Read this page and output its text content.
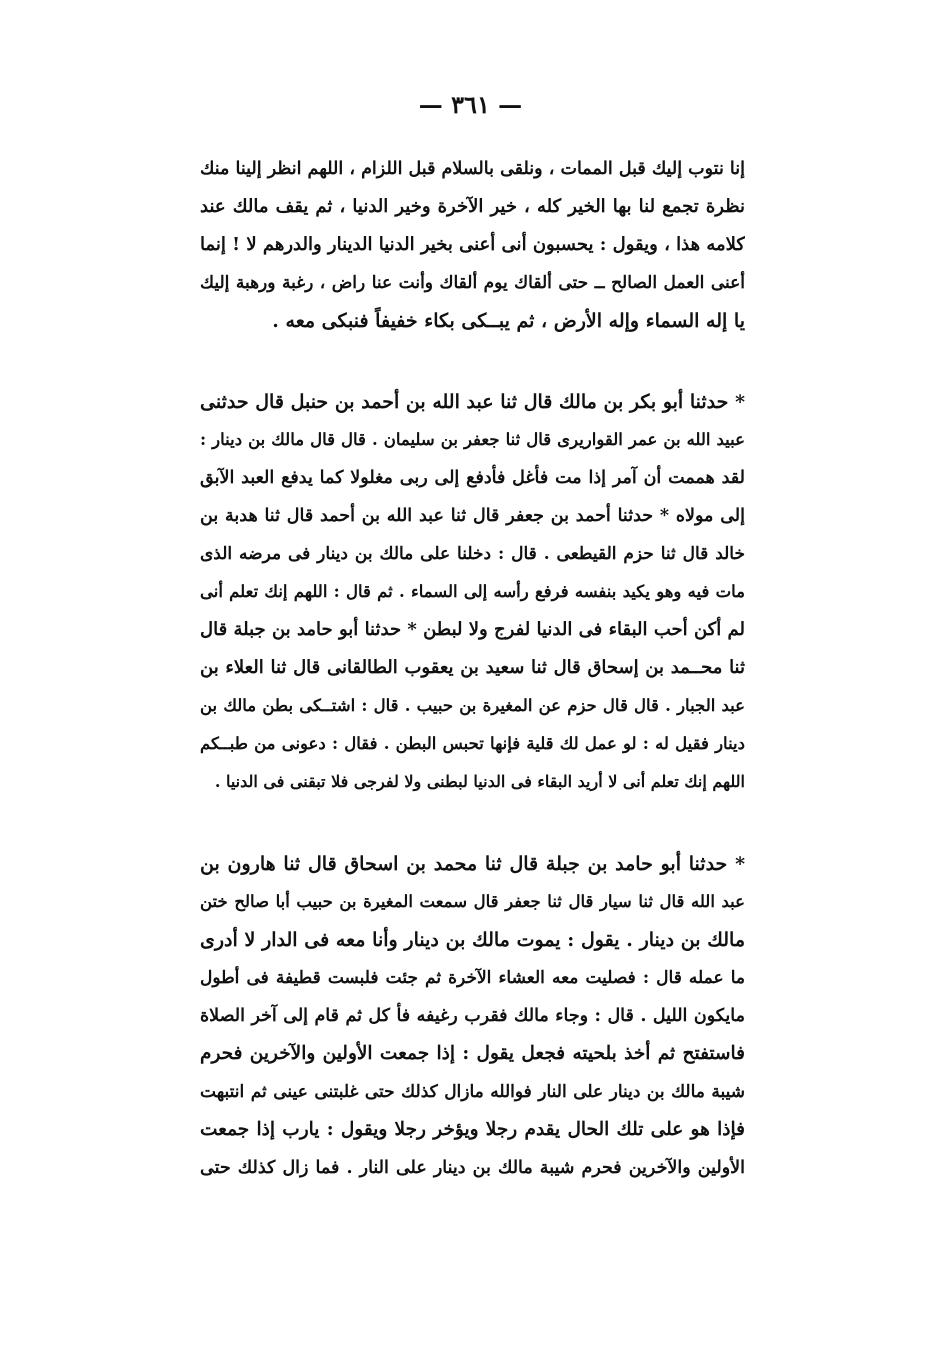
— ٣٦١ —
إنا نتوب إليك قبل الممات ، ونلقى بالسلام قبل اللزام ، اللهم انظر إلينا منك
نظرة تجمع لنا بها الخير كله ، خير الآخرة وخير الدنيا ، ثم يقف مالك عند
كلامه هذا ، ويقول : يحسبون أنى أعنى بخير الدنيا الدينار والدرهم لا ! إنما
أعنى العمل الصالح ــ حتى ألقاك يوم ألقاك وأنت عنا راض ، رغبة ورهبة إليك
يا إله السماء وإله الأرض ، ثم يبــكى بكاء خفيفاً فنبكى معه .
* حدثنا أبو بكر بن مالك قال ثنا عبد الله بن أحمد بن حنبل قال حدثنى
عبيد الله بن عمر القواريرى قال ثنا جعفر بن سليمان . قال قال مالك بن دينار :
لقد هممت أن آمر إذا مت فأغل فأدفع إلى ربى مغلولا كما يدفع العبد الآبق
إلى مولاه * حدثنا أحمد بن جعفر قال ثنا عبد الله بن أحمد قال ثنا هدبة بن
خالد قال ثنا حزم القيطعى . قال : دخلنا على مالك بن دينار فى مرضه الذى
مات فيه وهو يكيد بنفسه فرفع رأسه إلى السماء . ثم قال : اللهم إنك تعلم أنى
لم أكن أحب البقاء فى الدنيا لفرج ولا لبطن * حدثنا أبو حامد بن جبلة قال
ثنا محــمد بن إسحاق قال ثنا سعيد بن يعقوب الطالقانى قال ثنا العلاء بن
عبد الجبار . قال قال حزم عن المغيرة بن حبيب . قال : اشتــكى بطن مالك بن
دينار فقيل له : لو عمل لك قلية فإنها تحبس البطن . فقال : دعونى من طبــكم
اللهم إنك تعلم أنى لا أريد البقاء فى الدنيا لبطنى ولا لفرجى فلا تبقنى فى الدنيا .
* حدثنا أبو حامد بن جبلة قال ثنا محمد بن اسحاق قال ثنا هارون بن
عبد الله قال ثنا سيار قال ثنا جعفر قال سمعت المغيرة بن حبيب أبا صالح ختن
مالك بن دينار . يقول : يموت مالك بن دينار وأنا معه فى الدار لا أدرى
ما عمله قال : فصليت معه العشاء الآخرة ثم جئت فلبست قطيفة فى أطول
مايكون الليل . قال : وجاء مالك فقرب رغيفه فأ كل ثم قام إلى آخر الصلاة
فاستفتح ثم أخذ بلحيته فجعل يقول : إذا جمعت الأولين والآخرين فحرم
شيبة مالك بن دينار على النار فوالله مازال كذلك حتى غلبتنى عينى ثم انتبهت
فإذا هو على تلك الحال يقدم رجلا ويؤخر رجلا ويقول : يارب إذا جمعت
الأولين والآخرين فحرم شيبة مالك بن دينار على النار . فما زال كذلك حتى
